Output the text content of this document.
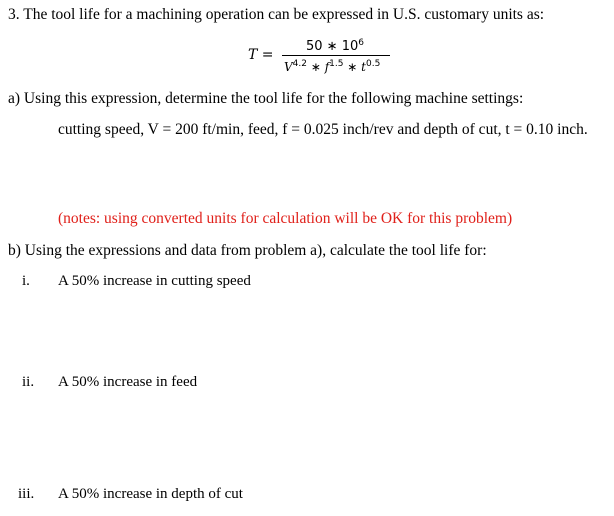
3. The tool life for a machining operation can be expressed in U.S. customary units as:
T =
50 ∗ $10^6$
$V^{4.2}$ ∗ $f^{1.5}$ ∗ $t^{0.5}$
a) Using this expression, determine the tool life for the following machine settings:
cutting speed, V = 200 ft/min, feed, f = 0.025 inch/rev and depth of cut, t = 0.10 inch.
(notes: using converted units for calculation will be OK for this problem)
b) Using the expressions and data from problem a), calculate the tool life for:
i. A 50% increase in cutting speed
ii. A 50% increase in feed
iii. A 50% increase in depth of cut
